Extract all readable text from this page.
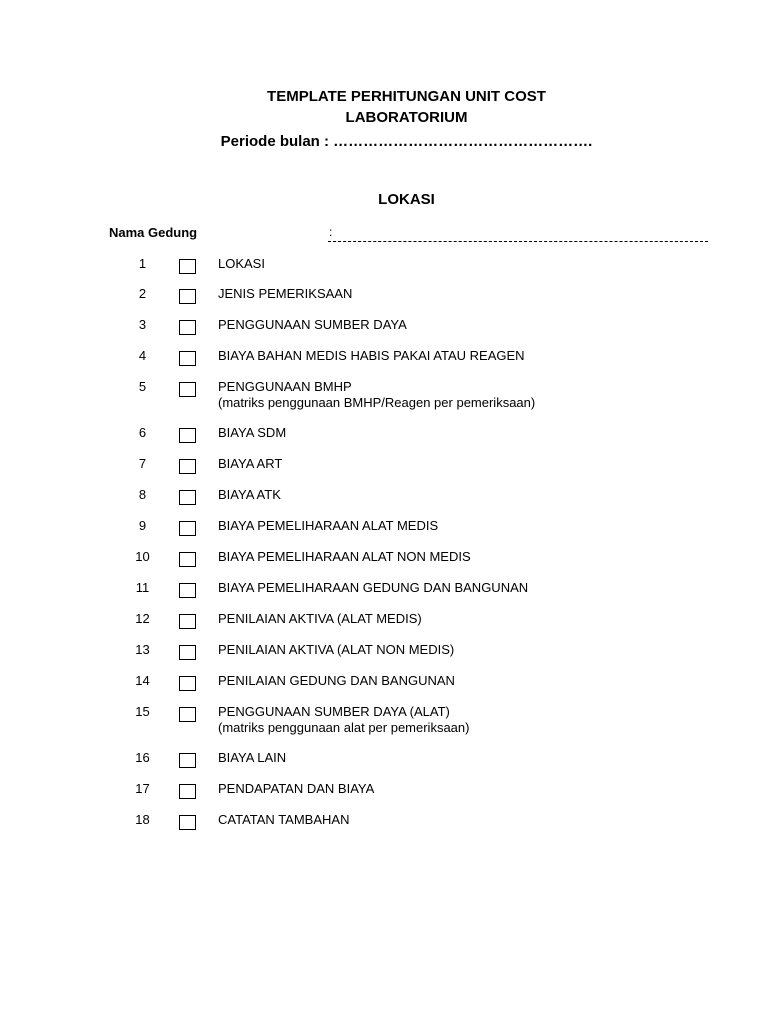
TEMPLATE PERHITUNGAN UNIT COST
LABORATORIUM
Periode bulan : …………………………………………….
LOKASI
Nama Gedung	:
1	LOKASI
2	JENIS PEMERIKSAAN
3	PENGGUNAAN SUMBER DAYA
4	BIAYA BAHAN MEDIS HABIS PAKAI ATAU REAGEN
5	PENGGUNAAN BMHP
(matriks penggunaan BMHP/Reagen per pemeriksaan)
6	BIAYA SDM
7	BIAYA ART
8	BIAYA ATK
9	BIAYA PEMELIHARAAN ALAT MEDIS
10	BIAYA PEMELIHARAAN ALAT NON MEDIS
11	BIAYA PEMELIHARAAN GEDUNG DAN BANGUNAN
12	PENILAIAN AKTIVA (ALAT MEDIS)
13	PENILAIAN AKTIVA (ALAT NON MEDIS)
14	PENILAIAN GEDUNG DAN BANGUNAN
15	PENGGUNAAN SUMBER DAYA (ALAT)
(matriks penggunaan alat per pemeriksaan)
16	BIAYA LAIN
17	PENDAPATAN DAN BIAYA
18	CATATAN TAMBAHAN
